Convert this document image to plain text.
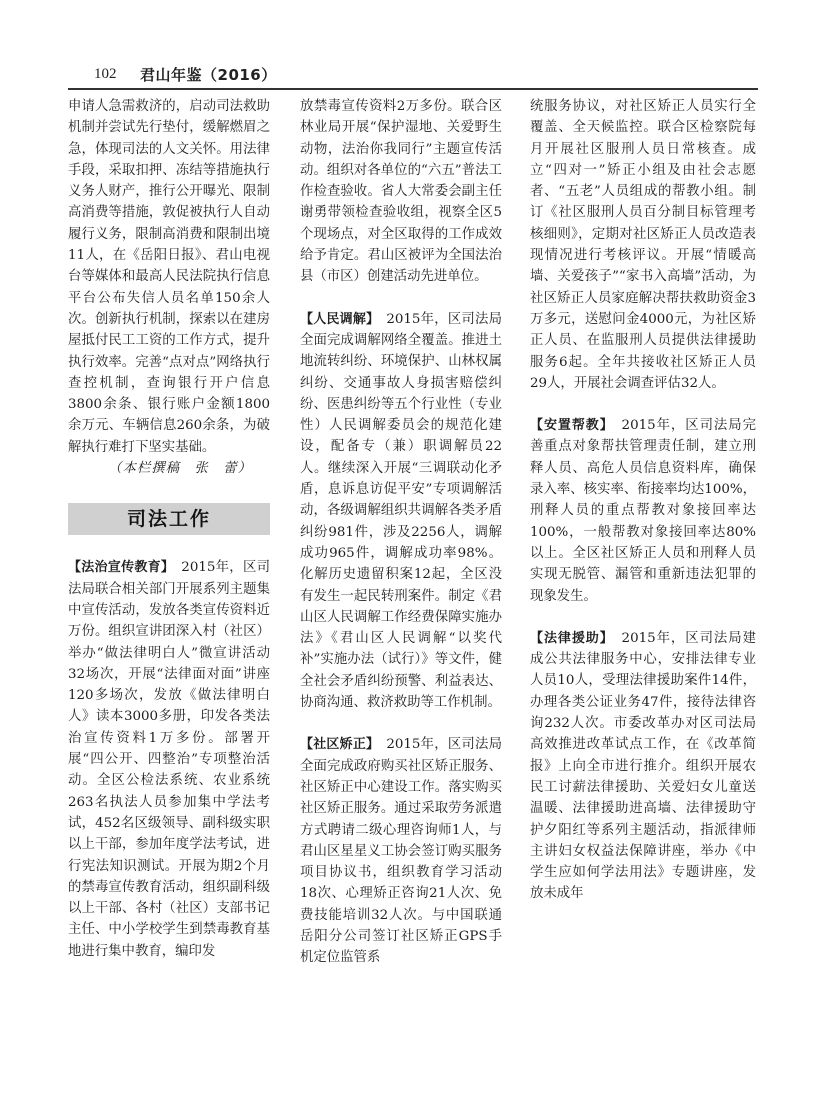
102 君山年鉴（2016）

申请人急需救济的，启动司法救助机制并尝试先行垫付，缓解燃眉之急，体现司法的人文关怀。用法律手段，采取扣押、冻结等措施执行义务人财产，推行公开曝光、限制高消费等措施，敦促被执行人自动履行义务，限制高消费和限制出境11人，在《岳阳日报》、君山电视台等媒体和最高人民法院执行信息平台公布失信人员名单150余人次。创新执行机制，探索以在建房屋抵付民工工资的工作方式，提升执行效率。完善“点对点”网络执行查控机制，查询银行开户信息3800余条、银行账户金额1800余万元、车辆信息260余条，为破解执行难打下坚实基础。

（本栏撰稿　张　蕾）

司法工作

【法治宣传教育】　 2015年，区司法局联合相关部门开展系列主题集中宣传活动，发放各类宣传资料近万份。组织宣讲团深入村（社区）举办“做法律明白人”微宣讲活动32场次，开展“法律面对面”讲座120多场次，发放《做法律明白人》读本3000多册，印发各类法治宣传资料1万多份。部署开展“四公开、四整治”专项整治活动。全区公检法系统、农业系统263名执法人员参加集中学法考试，452名区级领导、副科级实职以上干部，参加年度学法考试，进行宪法知识测试。开展为期2个月的禁毒宣传教育活动，组织副科级以上干部、各村（社区）支部书记主任、中小学校学生到禁毒教育基地进行集中教育，编印发

放禁毒宣传资料2万多份。联合区林业局开展“保护湿地、关爱野生动物，法治你我同行”主题宣传活动。组织对各单位的“六五”普法工作检查验收。省人大常委会副主任谢勇带领检查验收组，视察全区5个现场点，对全区取得的工作成效给予肯定。君山区被评为全国法治县（市区）创建活动先进单位。

【人民调解】　 2015年，区司法局全面完成调解网络全覆盖。推进土地流转纠纷、环境保护、山林权属纠纷、交通事故人身损害赔偿纠纷、医患纠纷等五个行业性（专业性）人民调解委员会的规范化建设，配备专（兼）职调解员22人。继续深入开展“三调联动化矛盾，息诉息访促平安”专项调解活动，各级调解组织共调解各类矛盾纠纷981件，涉及2256人，调解成功965件，调解成功率98%。化解历史遗留积案12起，全区没有发生一起民转刑案件。制定《君山区人民调解工作经费保障实施办法》《君山区人民调解“以奖代补”实施办法（试行）》等文件，健全社会矛盾纠纷预警、利益表达、协商沟通、救济救助等工作机制。

【社区矫正】　 2015年，区司法局全面完成政府购买社区矫正服务、社区矫正中心建设工作。落实购买社区矫正服务。通过采取劳务派遣方式聘请二级心理咨询师1人，与君山区星星义工协会签订购买服务项目协议书，组织教育学习活动18次、心理矫正咨询21人次、免费技能培训32人次。与中国联通岳阳分公司签订社区矫正GPS手机定位监管系

统服务协议，对社区矫正人员实行全覆盖、全天候监控。联合区检察院每月开展社区服刑人员日常核查。成立“四对一”矫正小组及由社会志愿者、“五老”人员组成的帮教小组。制订《社区服刑人员百分制目标管理考核细则》，定期对社区矫正人员改造表现情况进行考核评议。开展“情暖高墙、关爱孩子”“家书入高墙”活动，为社区矫正人员家庭解决帮扶救助资金3万多元，送慰问金4000元，为社区矫正人员、在监服刑人员提供法律援助服务6起。全年共接收社区矫正人员29人，开展社会调查评估32人。

【安置帮教】　 2015年，区司法局完善重点对象帮扶管理责任制，建立刑释人员、高危人员信息资料库，确保录入率、核实率、衔接率均达100%，刑释人员的重点帮教对象接回率达100%，一般帮教对象接回率达80%以上。全区社区矫正人员和刑释人员实现无脱管、漏管和重新违法犯罪的现象发生。

【法律援助】　 2015年，区司法局建成公共法律服务中心，安排法律专业人员10人，受理法律援助案件14件，办理各类公证业务47件，接待法律咨询232人次。市委改革办对区司法局高效推进改革试点工作，在《改革简报》上向全市进行推介。组织开展农民工讨薪法律援助、关爱妇女儿童送温暖、法律援助进高墙、法律援助守护夕阳红等系列主题活动，指派律师主讲妇女权益法保障讲座，举办《中学生应如何学法用法》专题讲座，发放未成年
